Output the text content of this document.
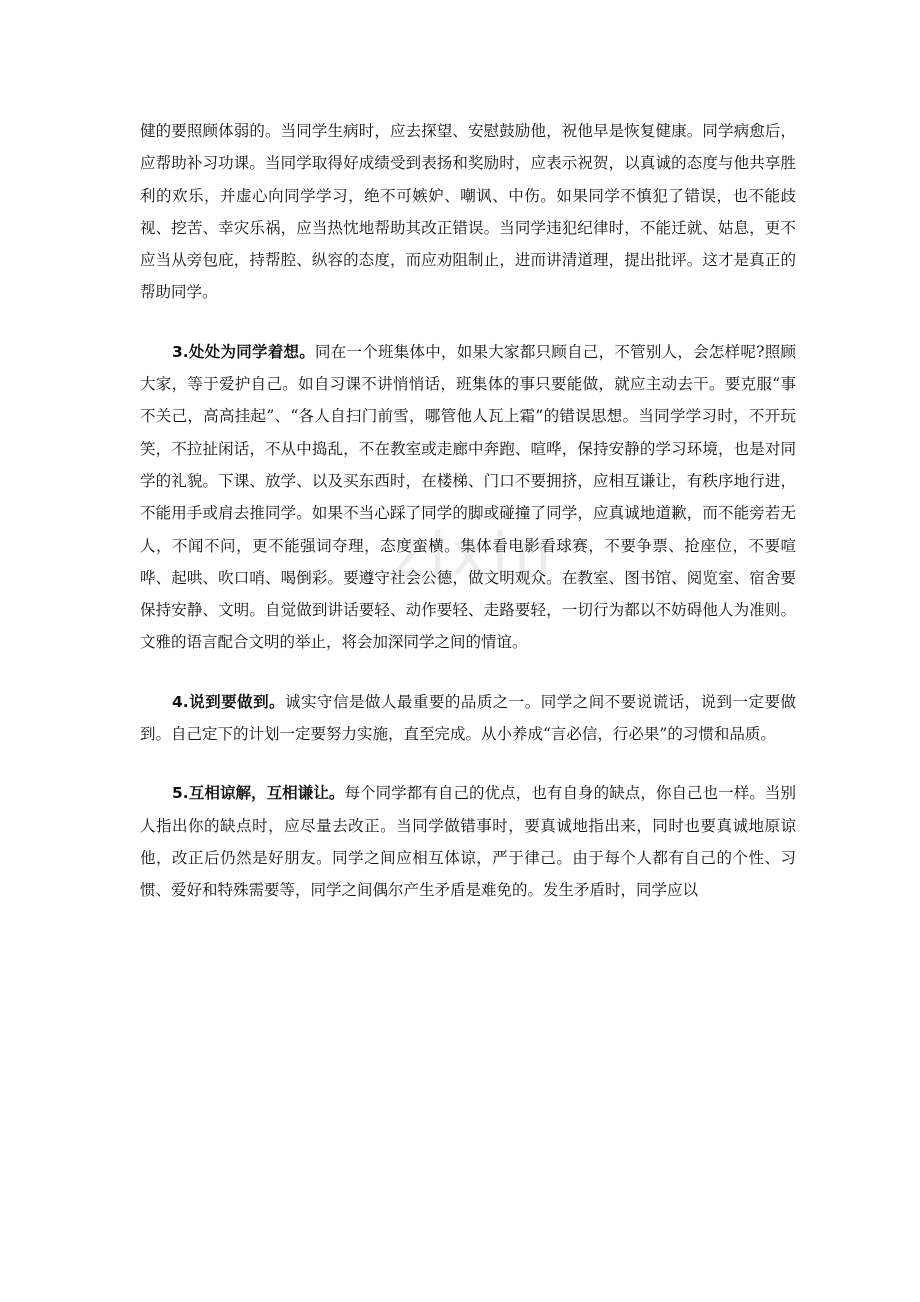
zixin

健的要照顾体弱的。当同学生病时，应去探望、安慰鼓励他，祝他早是恢复健康。同学病愈后，应帮助补习功课。当同学取得好成绩受到表扬和奖励时，应表示祝贺，以真诚的态度与他共享胜利的欢乐，并虚心向同学学习，绝不可嫉妒、嘲讽、中伤。如果同学不慎犯了错误，也不能歧视、挖苦、幸灾乐祸，应当热忱地帮助其改正错误。当同学违犯纪律时，不能迁就、姑息，更不应当从旁包庇，持帮腔、纵容的态度，而应劝阻制止，进而讲清道理，提出批评。这才是真正的帮助同学。

3.处处为同学着想。同在一个班集体中，如果大家都只顾自己，不管别人，会怎样呢?照顾大家，等于爱护自己。如自习课不讲悄悄话，班集体的事只要能做，就应主动去干。要克服“事不关己，高高挂起”、“各人自扫门前雪，哪管他人瓦上霜”的错误思想。当同学学习时，不开玩笑，不拉扯闲话，不从中捣乱，不在教室或走廊中奔跑、喧哗，保持安静的学习环境，也是对同学的礼貌。下课、放学、以及买东西时，在楼梯、门口不要拥挤，应相互谦让，有秩序地行进，不能用手或肩去推同学。如果不当心踩了同学的脚或碰撞了同学，应真诚地道歉，而不能旁若无人，不闻不问，更不能强词夺理，态度蛮横。集体看电影看球赛，不要争票、抢座位，不要喧哗、起哄、吹口哨、喝倒彩。要遵守社会公德，做文明观众。在教室、图书馆、阅览室、宿舍要保持安静、文明。自觉做到讲话要轻、动作要轻、走路要轻，一切行为都以不妨碍他人为准则。文雅的语言配合文明的举止，将会加深同学之间的情谊。

4.说到要做到。诚实守信是做人最重要的品质之一。同学之间不要说谎话，说到一定要做到。自己定下的计划一定要努力实施，直至完成。从小养成“言必信，行必果”的习惯和品质。

5.互相谅解，互相谦让。每个同学都有自己的优点，也有自身的缺点，你自己也一样。当别人指出你的缺点时，应尽量去改正。当同学做错事时，要真诚地指出来，同时也要真诚地原谅他，改正后仍然是好朋友。同学之间应相互体谅，严于律己。由于每个人都有自己的个性、习惯、爱好和特殊需要等，同学之间偶尔产生矛盾是难免的。发生矛盾时，同学应以
